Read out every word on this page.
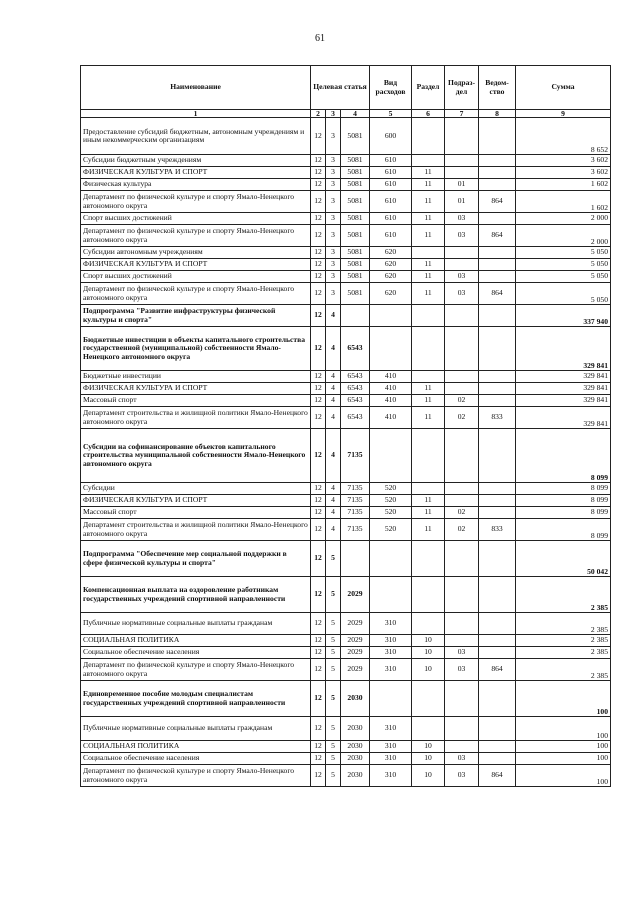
61
Наименование	Целевая статья			Вид расходов	Раздел	Подраз- дел	Ведом- ство	Сумма
1	2	3	4	5	6	7	8	9
Предоставление субсидий бюджетным, автономным учреждениям и иным некоммерческим организациям	12	3	5081	600				8 652
Субсидии бюджетным учреждениям	12	3	5081	610				3 602
ФИЗИЧЕСКАЯ КУЛЬТУРА И СПОРТ	12	3	5081	610	11			3 602
Физическая культура	12	3	5081	610	11	01		1 602
Департамент по физической культуре и спорту Ямало-Ненецкого автономного округа	12	3	5081	610	11	01	864	1 602
Спорт высших достижений	12	3	5081	610	11	03		2 000
Департамент по физической культуре и спорту Ямало-Ненецкого автономного округа	12	3	5081	610	11	03	864	2 000
Субсидии автономным учреждениям	12	3	5081	620				5 050
ФИЗИЧЕСКАЯ КУЛЬТУРА И СПОРТ	12	3	5081	620	11			5 050
Спорт высших достижений	12	3	5081	620	11	03		5 050
Департамент по физической культуре и спорту Ямало-Ненецкого автономного округа	12	3	5081	620	11	03	864	5 050
Подпрограмма "Развитие инфраструктуры физической культуры и спорта"	12	4						337 940
Бюджетные инвестиции в объекты капитального строительства государственной (муниципальной) собственности Ямало-Ненецкого автономного округа	12	4	6543					329 841
Бюджетные инвестиции	12	4	6543	410				329 841
ФИЗИЧЕСКАЯ КУЛЬТУРА И СПОРТ	12	4	6543	410	11			329 841
Массовый спорт	12	4	6543	410	11	02		329 841
Департамент строительства и жилищной политики Ямало-Ненецкого автономного округа	12	4	6543	410	11	02	833	329 841
Субсидии на софинансирование объектов капитального строительства муниципальной собственности Ямало-Ненецкого автономного округа	12	4	7135					8 099
Субсидии	12	4	7135	520				8 099
ФИЗИЧЕСКАЯ КУЛЬТУРА И СПОРТ	12	4	7135	520	11			8 099
Массовый спорт	12	4	7135	520	11	02		8 099
Департамент строительства и жилищной политики Ямало-Ненецкого автономного округа	12	4	7135	520	11	02	833	8 099
Подпрограмма "Обеспечение мер социальной поддержки в сфере физической культуры и спорта"	12	5						50 042
Компенсационная выплата на оздоровление работникам государственных учреждений спортивной направленности	12	5	2029					2 385
Публичные нормативные социальные выплаты гражданам	12	5	2029	310				2 385
СОЦИАЛЬНАЯ ПОЛИТИКА	12	5	2029	310	10			2 385
Социальное обеспечение населения	12	5	2029	310	10	03		2 385
Департамент по физической культуре и спорту Ямало-Ненецкого автономного округа	12	5	2029	310	10	03	864	2 385
Единовременное пособие молодым специалистам государственных учреждений спортивной направленности	12	5	2030					100
Публичные нормативные социальные выплаты гражданам	12	5	2030	310				100
СОЦИАЛЬНАЯ ПОЛИТИКА	12	5	2030	310	10			100
Социальное обеспечение населения	12	5	2030	310	10	03		100
Департамент по физической культуре и спорту Ямало-Ненецкого автономного округа	12	5	2030	310	10	03	864	100
